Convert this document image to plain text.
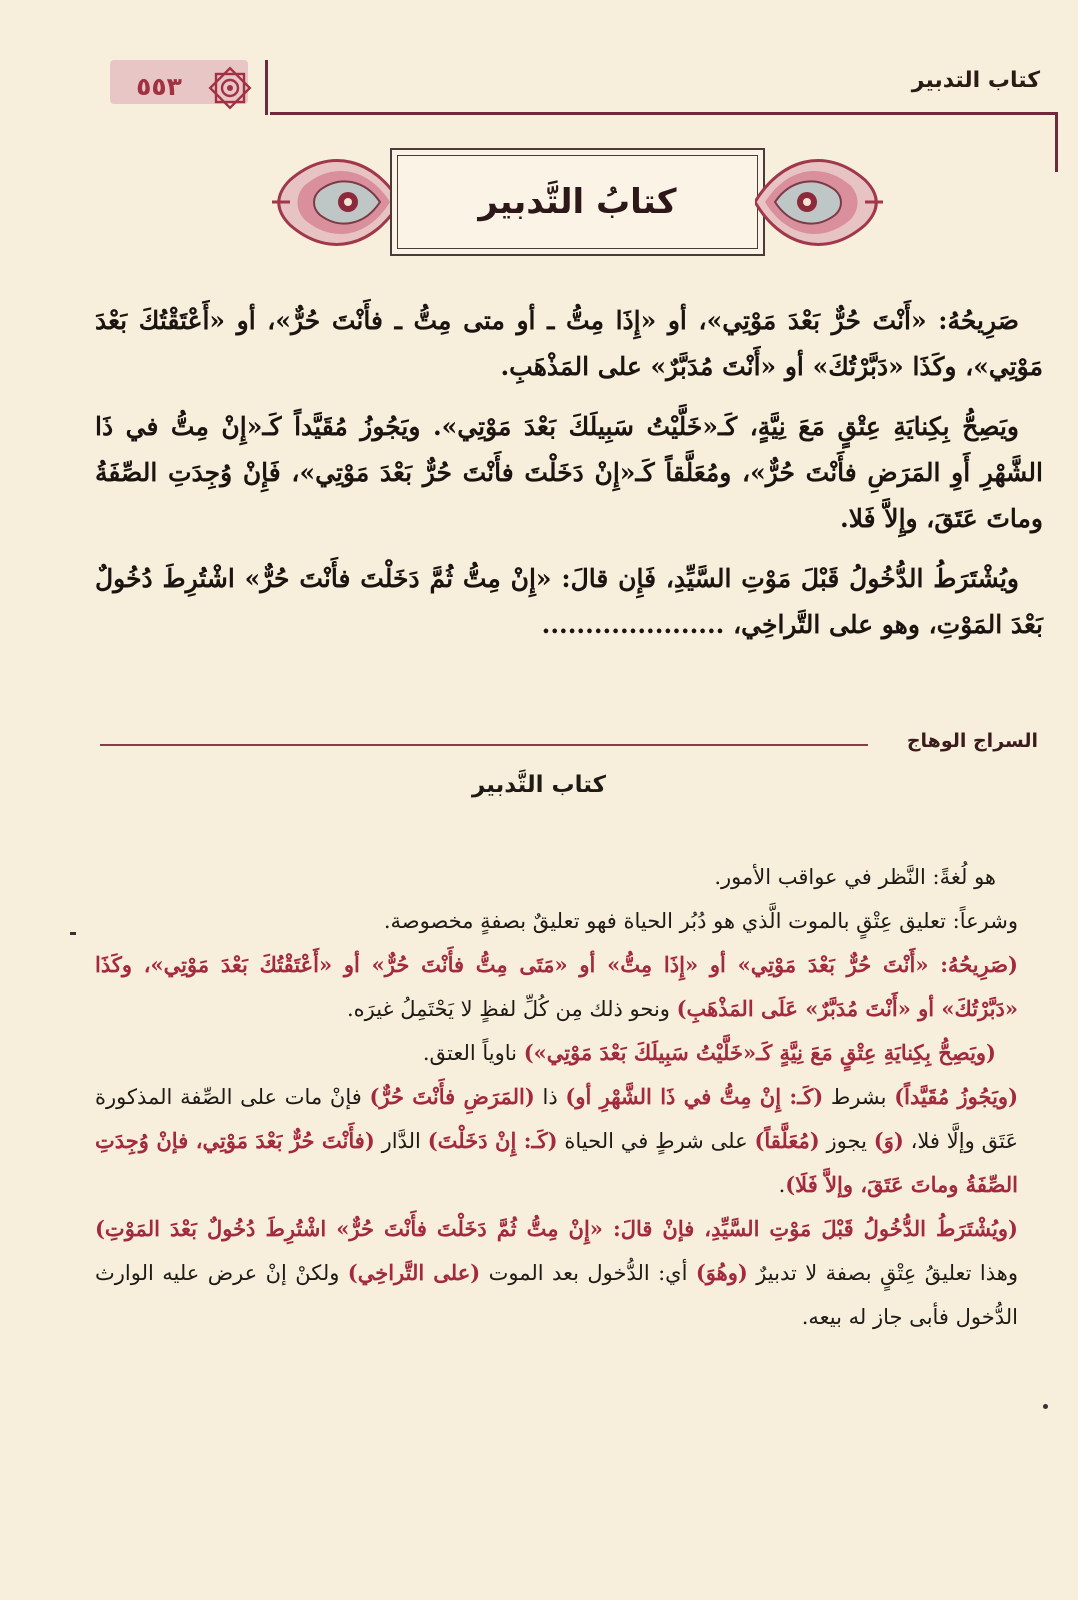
٥٥٣	كتاب التدبير
كتابُ التَّدبير

صَرِيحُهُ: «أَنْتَ حُرٌّ بَعْدَ مَوْتِي»، أو «إِذَا مِتُّ ـ أو متى مِتُّ ـ فأَنْتَ حُرٌّ»، أو «أَعْتَقْتُكَ بَعْدَ مَوْتِي»، وكَذَا «دَبَّرْتُكَ» أو «أَنْتَ مُدَبَّرٌ» على المَذْهَبِ.

ويَصِحُّ بِكِنايَةِ عِتْقٍ مَعَ نِيَّةٍ، كَـ«خَلَّيْتُ سَبِيلَكَ بَعْدَ مَوْتِي». ويَجُوزُ مُقَيَّداً كَـ«إِنْ مِتُّ في ذَا الشَّهْرِ أَوِ المَرَضِ فأَنْتَ حُرٌّ»، ومُعَلَّقاً كَـ«إِنْ دَخَلْتَ فأَنْتَ حُرٌّ بَعْدَ مَوْتِي»، فَإِنْ وُجِدَتِ الصِّفَةُ وماتَ عَتَقَ، وإِلاَّ فَلا.

ويُشْتَرَطُ الدُّخُولُ قَبْلَ مَوْتِ السَّيِّدِ، فَإِن قالَ: «إِنْ مِتُّ ثُمَّ دَخَلْتَ فأَنْتَ حُرٌّ» اشْتُرِطَ دُخُولٌ بَعْدَ المَوْتِ، وهو على التَّراخِي، .....................

السراج الوهاج
كتاب التَّدبير

هو لُغةً: النَّظر في عواقب الأمور.

وشرعاً: تعليق عِتْقٍ بالموت الَّذي هو دُبُر الحياة فهو تعليقٌ بصفةٍ مخصوصة.

(صَرِيحُهُ: «أَنْتَ حُرٌّ بَعْدَ مَوْتِي» أو «إِذَا مِتُّ» أو «مَتَى مِتُّ فأَنْتَ حُرٌّ» أو «أَعْتَقْتُكَ بَعْدَ مَوْتِي»، وكَذَا «دَبَّرْتُكَ» أو «أَنْتَ مُدَبَّرٌ» عَلَى المَذْهَبِ) ونحو ذلك مِن كُلِّ لفظٍ لا يَحْتَمِلُ غيرَه.

(ويَصِحُّ بِكِنايَةِ عِتْقٍ مَعَ نِيَّةٍ كَـ«خَلَّيْتُ سَبِيلَكَ بَعْدَ مَوْتِي») ناوياً العتق.

(ويَجُوزُ مُقَيَّداً) بشرط (كَـ: إِنْ مِتُّ في ذَا الشَّهْرِ أو) ذا (المَرَضِ فأَنْتَ حُرٌّ) فإنْ مات على الصِّفة المذكورة عَتَق وإلَّا فلا، (وَ) يجوز (مُعَلَّقاً) على شرطٍ في الحياة (كَـ: إِنْ دَخَلْتَ) الدَّار (فأَنْتَ حُرٌّ بَعْدَ مَوْتِي، فإنْ وُجِدَتِ الصِّفَةُ وماتَ عَتَقَ، وإلاَّ فَلَا).

(ويُشْتَرَطُ الدُّخُولُ قَبْلَ مَوْتِ السَّيِّدِ، فإنْ قالَ: «إِنْ مِتُّ ثُمَّ دَخَلْتَ فأَنْتَ حُرٌّ» اشْتُرِطَ دُخُولٌ بَعْدَ المَوْتِ) وهذا تعليقُ عِتْقٍ بصفة لا تدبيرٌ (وهُوَ) أي: الدُّخول بعد الموت (على التَّراخِي) ولكنْ إنْ عرض عليه الوارث الدُّخول فأبى جاز له بيعه.
